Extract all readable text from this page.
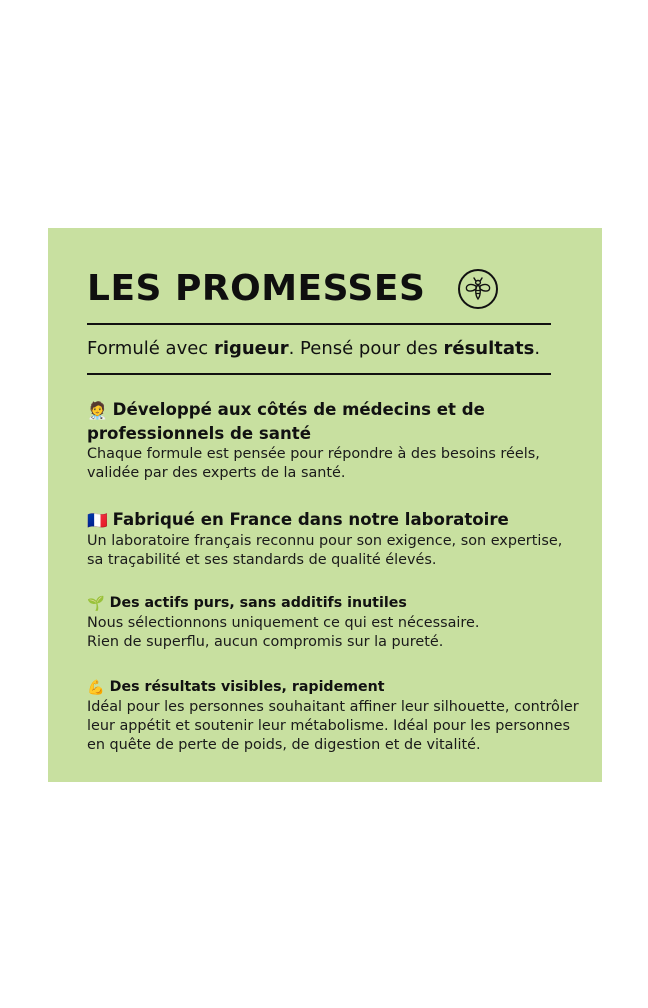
LES PROMESSES
Formulé avec rigueur. Pensé pour des résultats.
🧑‍⚕️ Développé aux côtés de médecins et de
professionnels de santé
Chaque formule est pensée pour répondre à des besoins réels,
validée par des experts de la santé.
🇫🇷 Fabriqué en France dans notre laboratoire
Un laboratoire français reconnu pour son exigence, son expertise,
sa traçabilité et ses standards de qualité élevés.
🌱 Des actifs purs, sans additifs inutiles
Nous sélectionnons uniquement ce qui est nécessaire.
Rien de superflu, aucun compromis sur la pureté.
💪 Des résultats visibles, rapidement
Idéal pour les personnes souhaitant affiner leur silhouette, contrôler
leur appétit et soutenir leur métabolisme. Idéal pour les personnes
en quête de perte de poids, de digestion et de vitalité.
